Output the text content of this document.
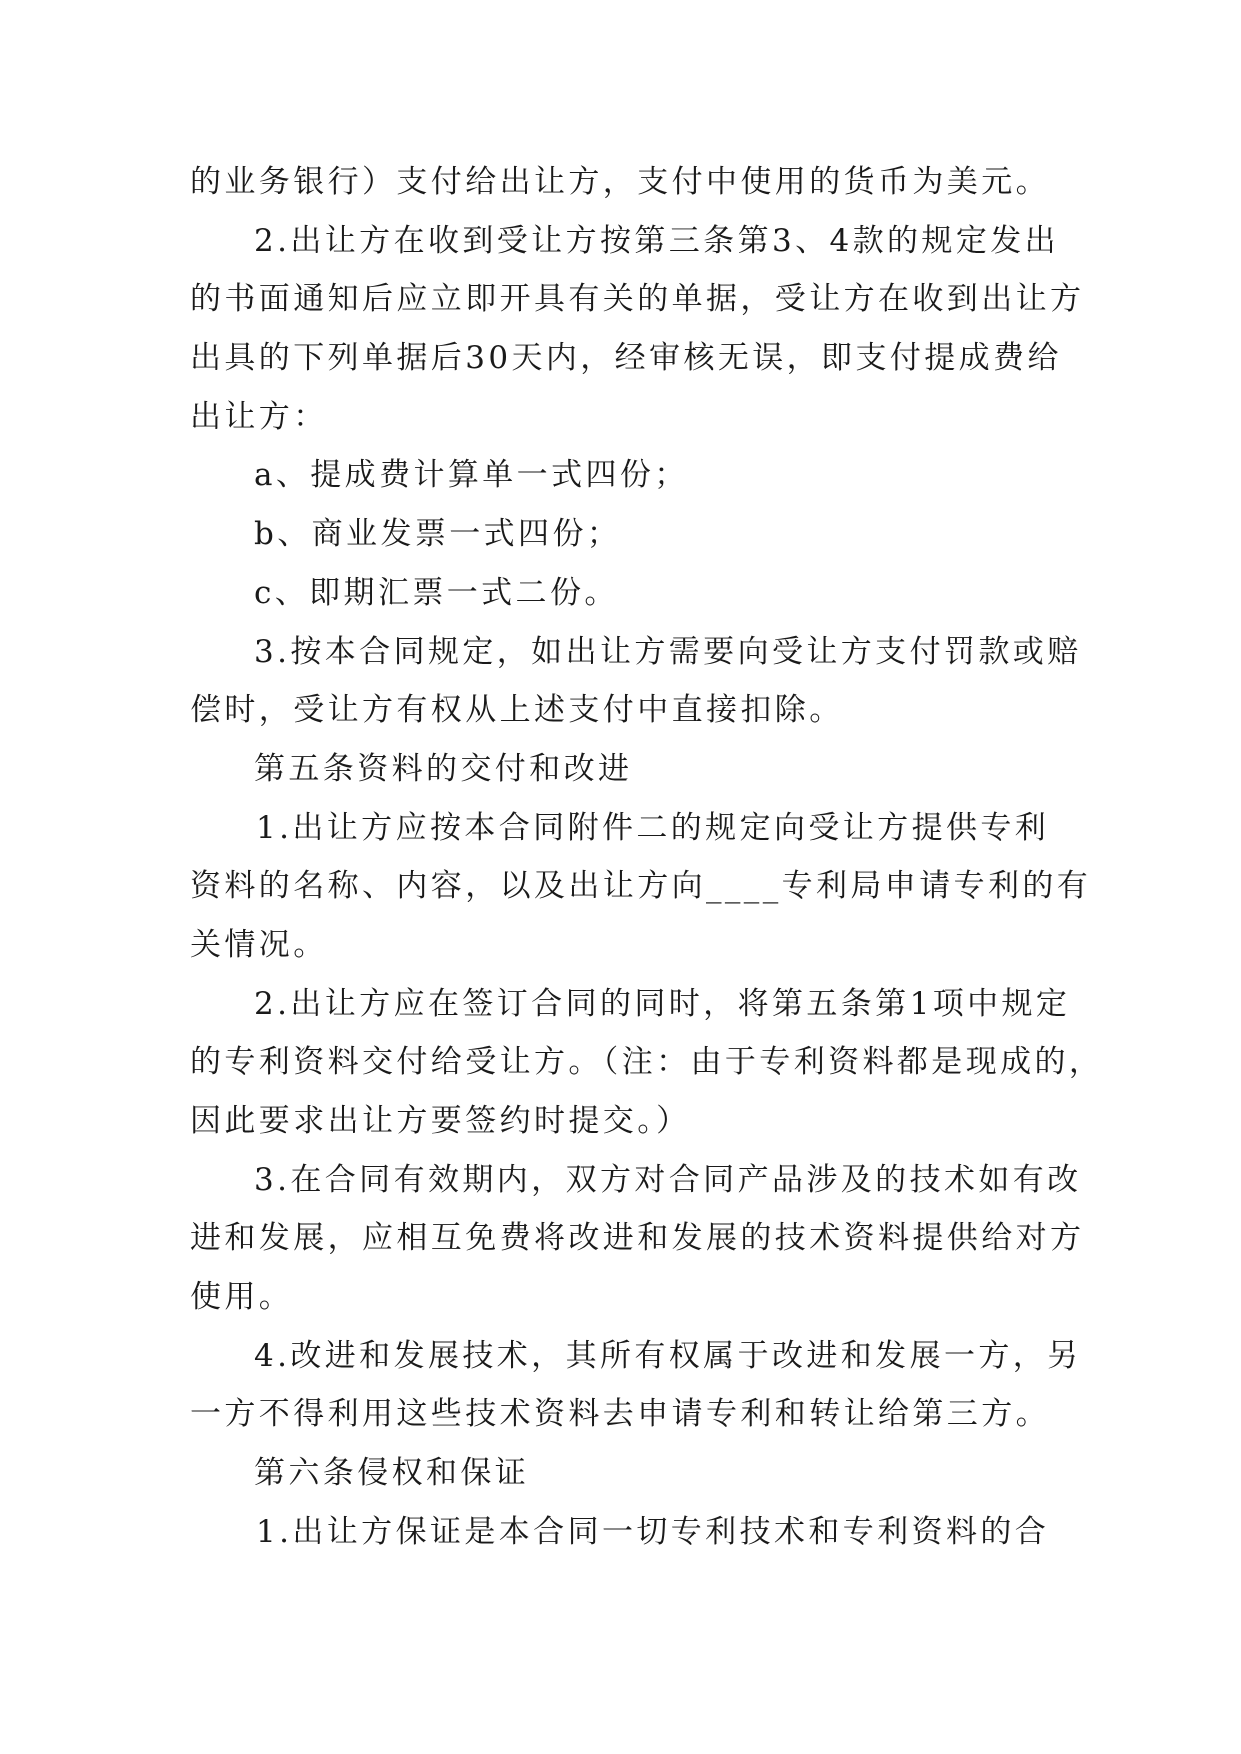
的业务银行）支付给出让方，支付中使用的货币为美元。
2.出让方在收到受让方按第三条第3、4款的规定发出
的书面通知后应立即开具有关的单据，受让方在收到出让方
出具的下列单据后30天内，经审核无误，即支付提成费给
出让方：
a、提成费计算单一式四份；
b、商业发票一式四份；
c、即期汇票一式二份。
3.按本合同规定，如出让方需要向受让方支付罚款或赔
偿时，受让方有权从上述支付中直接扣除。
第五条资料的交付和改进
1.出让方应按本合同附件二的规定向受让方提供专利
资料的名称、内容，以及出让方向____专利局申请专利的有
关情况。
2.出让方应在签订合同的同时，将第五条第1项中规定
的专利资料交付给受让方。（注：由于专利资料都是现成的，
因此要求出让方要签约时提交。）
3.在合同有效期内，双方对合同产品涉及的技术如有改
进和发展，应相互免费将改进和发展的技术资料提供给对方
使用。
4.改进和发展技术，其所有权属于改进和发展一方，另
一方不得利用这些技术资料去申请专利和转让给第三方。
第六条侵权和保证
1.出让方保证是本合同一切专利技术和专利资料的合
